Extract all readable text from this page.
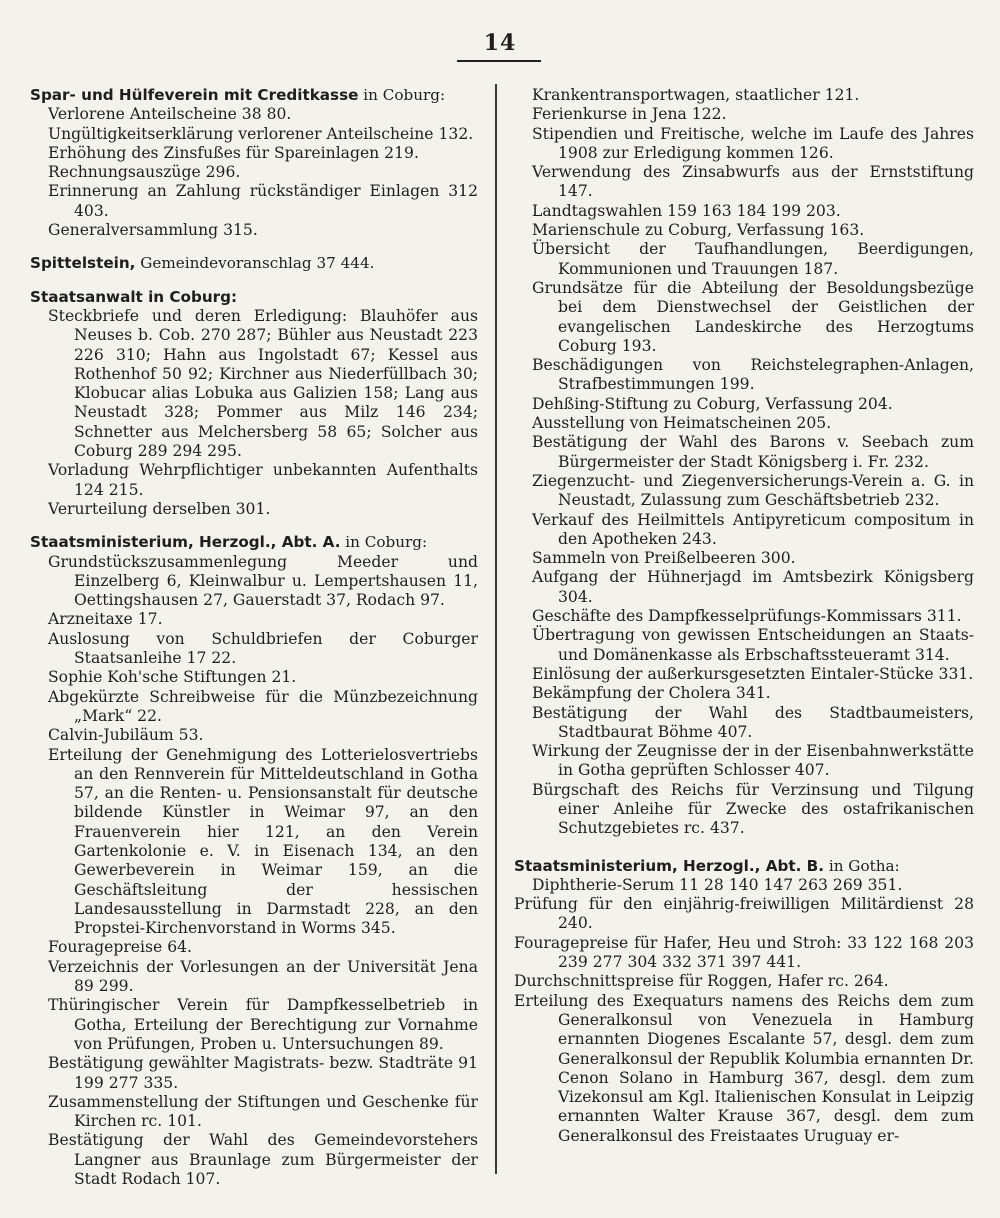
14
Spar- und Hülfeverein mit Creditkasse in Coburg:

Verlorene Anteilscheine 38 80.

Ungültigkeitserklärung verlorener Anteilscheine 132.

Erhöhung des Zinsfußes für Spareinlagen 219.

Rechnungsauszüge 296.

Erinnerung an Zahlung rückständiger Einlagen 312 403.

Generalversammlung 315.

Spittelstein, Gemeindevoranschlag 37 444.
Staatsanwalt in Coburg:

Steckbriefe und deren Erledigung: Blauhöfer aus Neuses b. Cob. 270 287; Bühler aus Neustadt 223 226 310; Hahn aus Ingolstadt 67; Kessel aus Rothenhof 50 92; Kirchner aus Niederfüllbach 30; Klobucar alias Lobuka aus Galizien 158; Lang aus Neustadt 328; Pommer aus Milz 146 234; Schnetter aus Melchersberg 58 65; Solcher aus Coburg 289 294 295.

Vorladung Wehrpflichtiger unbekannten Aufenthalts 124 215.

Verurteilung derselben 301.

Staatsministerium, Herzogl., Abt. A. in Coburg:

Grundstückszusammenlegung Meeder und Einzelberg 6, Kleinwalbur u. Lempertshausen 11, Oettingshausen 27, Gauerstadt 37, Rodach 97.

Arzneitaxe 17.

Auslosung von Schuldbriefen der Coburger Staatsanleihe 17 22.

Sophie Koh'sche Stiftungen 21.

Abgekürzte Schreibweise für die Münzbezeichnung „Mark“ 22.

Calvin-Jubiläum 53.

Erteilung der Genehmigung des Lotterielosvertriebs an den Rennverein für Mitteldeutschland in Gotha 57, an die Renten- u. Pensionsanstalt für deutsche bildende Künstler in Weimar 97, an den Frauenverein hier 121, an den Verein Gartenkolonie e. V. in Eisenach 134, an den Gewerbeverein in Weimar 159, an die Geschäftsleitung der hessischen Landesausstellung in Darmstadt 228, an den Propstei-Kirchenvorstand in Worms 345.

Fouragepreise 64.

Verzeichnis der Vorlesungen an der Universität Jena 89 299.

Thüringischer Verein für Dampfkesselbetrieb in Gotha, Erteilung der Berechtigung zur Vornahme von Prüfungen, Proben u. Untersuchungen 89.

Bestätigung gewählter Magistrats- bezw. Stadträte 91 199 277 335.

Zusammenstellung der Stiftungen und Geschenke für Kirchen rc. 101.

Bestätigung der Wahl des Gemeindevorstehers Langner aus Braunlage zum Bürgermeister der Stadt Rodach 107.

Krankentransportwagen, staatlicher 121.

Ferienkurse in Jena 122.

Stipendien und Freitische, welche im Laufe des Jahres 1908 zur Erledigung kommen 126.

Verwendung des Zinsabwurfs aus der Ernststiftung 147.

Landtagswahlen 159 163 184 199 203.

Marienschule zu Coburg, Verfassung 163.

Übersicht der Taufhandlungen, Beerdigungen, Kommunionen und Trauungen 187.

Grundsätze für die Abteilung der Besoldungsbezüge bei dem Dienstwechsel der Geistlichen der evangelischen Landeskirche des Herzogtums Coburg 193.

Beschädigungen von Reichstelegraphen-Anlagen, Strafbestimmungen 199.

Dehßing-Stiftung zu Coburg, Verfassung 204.

Ausstellung von Heimatscheinen 205.

Bestätigung der Wahl des Barons v. Seebach zum Bürgermeister der Stadt Königsberg i. Fr. 232.

Ziegenzucht- und Ziegenversicherungs-Verein a. G. in Neustadt, Zulassung zum Geschäftsbetrieb 232.

Verkauf des Heilmittels Antipyreticum compositum in den Apotheken 243.

Sammeln von Preißelbeeren 300.

Aufgang der Hühnerjagd im Amtsbezirk Königsberg 304.

Geschäfte des Dampfkesselprüfungs-Kommissars 311.

Übertragung von gewissen Entscheidungen an Staats- und Domänenkasse als Erbschaftssteueramt 314.

Einlösung der außerkursgesetzten Eintaler-Stücke 331.

Bekämpfung der Cholera 341.

Bestätigung der Wahl des Stadtbaumeisters, Stadtbaurat Böhme 407.

Wirkung der Zeugnisse der in der Eisenbahnwerkstätte in Gotha geprüften Schlosser 407.

Bürgschaft des Reichs für Verzinsung und Tilgung einer Anleihe für Zwecke des ostafrikanischen Schutzgebietes rc. 437.

Staatsministerium, Herzogl., Abt. B. in Gotha:

Diphtherie-Serum 11 28 140 147 263 269 351.

Prüfung für den einjährig-freiwilligen Militärdienst 28 240.

Fouragepreise für Hafer, Heu und Stroh: 33 122 168 203 239 277 304 332 371 397 441.

Durchschnittspreise für Roggen, Hafer rc. 264.

Erteilung des Exequaturs namens des Reichs dem zum Generalkonsul von Venezuela in Hamburg ernannten Diogenes Escalante 57, desgl. dem zum Generalkonsul der Republik Kolumbia ernannten Dr. Cenon Solano in Hamburg 367, desgl. dem zum Vizekonsul am Kgl. Italienischen Konsulat in Leipzig ernannten Walter Krause 367, desgl. dem zum Generalkonsul des Freistaates Uruguay er-
